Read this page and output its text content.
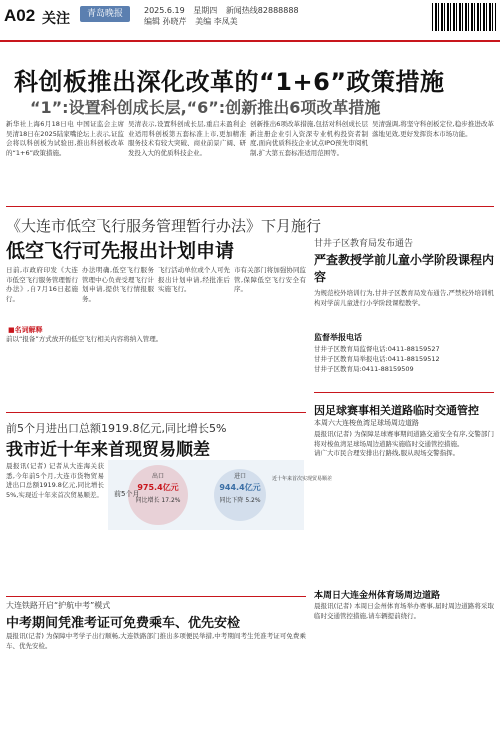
A02 关注	青岛晚报	2025.6.19 星期四 新闻热线82888888
编辑 孙晓芹 美编 李凤美
科创板推出深化改革的“1+6”政策措施
“1”:设置科创成长层,“6”:创新推出6项改革措施
新华社上海6月18日电 中国证监会主席吴清18日在2025陆家嘴论坛上表示,证监会将以科创板为试验田,推出科创板改革的“1+6”政策措施。
吴清表示,设置科创成长层,重启未盈利企业适用科创板第五套标准上市,更加精准服务技术有较大突破、商业前景广阔、研发投入大的优质科技企业。
创新推出6项改革措施,包括对科创成长层新注册企业引入资深专业机构投资者制度,面向优质科技企业试点IPO预先审阅机制,扩大第五套标准适用范围等。
吴清强调,将坚守科创板定位,稳步推进改革落地见效,更好发挥资本市场功能。
《大连市低空飞行服务管理暂行办法》下月施行
低空飞行可先报出计划申请
日前,市政府印发《大连市低空飞行服务管理暂行办法》,自7月16日起施行。
办法明确,低空飞行服务管理中心负责受理飞行计划申请,提供飞行情报服务。
飞行活动单位或个人可先报出计划申请,经批准后实施飞行。
市有关部门将加强协同监管,保障低空飞行安全有序。
■名词解释
前以“报备”方式放开的低空飞行相关内容将纳入管理。
甘井子区教育局发布通告
严查教授学前儿童小学阶段课程内容
为规范校外培训行为,甘井子区教育局发布通告,严禁校外培训机构对学前儿童进行小学阶段课程教学。
监督举报电话
甘井子区教育局监督电话:0411-88159527
甘井子区教育局举报电话:0411-88159512
甘井子区教育局:0411-88159509
因足球赛事相关道路临时交通管控
本周六大连梭鱼湾足球场周边道路
晨报讯(记者) 为保障足球赛事期间道路交通安全有序,交警部门将对梭鱼湾足球场周边道路实施临时交通管控措施。
请广大市民合理安排出行路线,服从现场交警指挥。
前5个月进出口总额1919.8亿元,同比增长5%
我市近十年来首现贸易顺差
晨报讯(记者) 记者从大连海关获悉,今年前5个月,大连市货物贸易进出口总额1919.8亿元,同比增长5%,实现近十年来首次贸易顺差。 前5个月
出口
975.4亿元
同比增长 17.2%
进口
944.4亿元
同比下降 5.2%
近十年来首次实现贸易顺差
大连铁路开启“护航中考”模式
中考期间凭准考证可免费乘车、优先安检
晨报讯(记者) 为保障中考学子出行顺畅,大连铁路部门推出多项便民举措,中考期间考生凭准考证可免费乘车、优先安检。
本周日大连金州体育场周边道路
晨报讯(记者) 本周日金州体育场举办赛事,届时周边道路将采取临时交通管控措施,请车辆提前绕行。
